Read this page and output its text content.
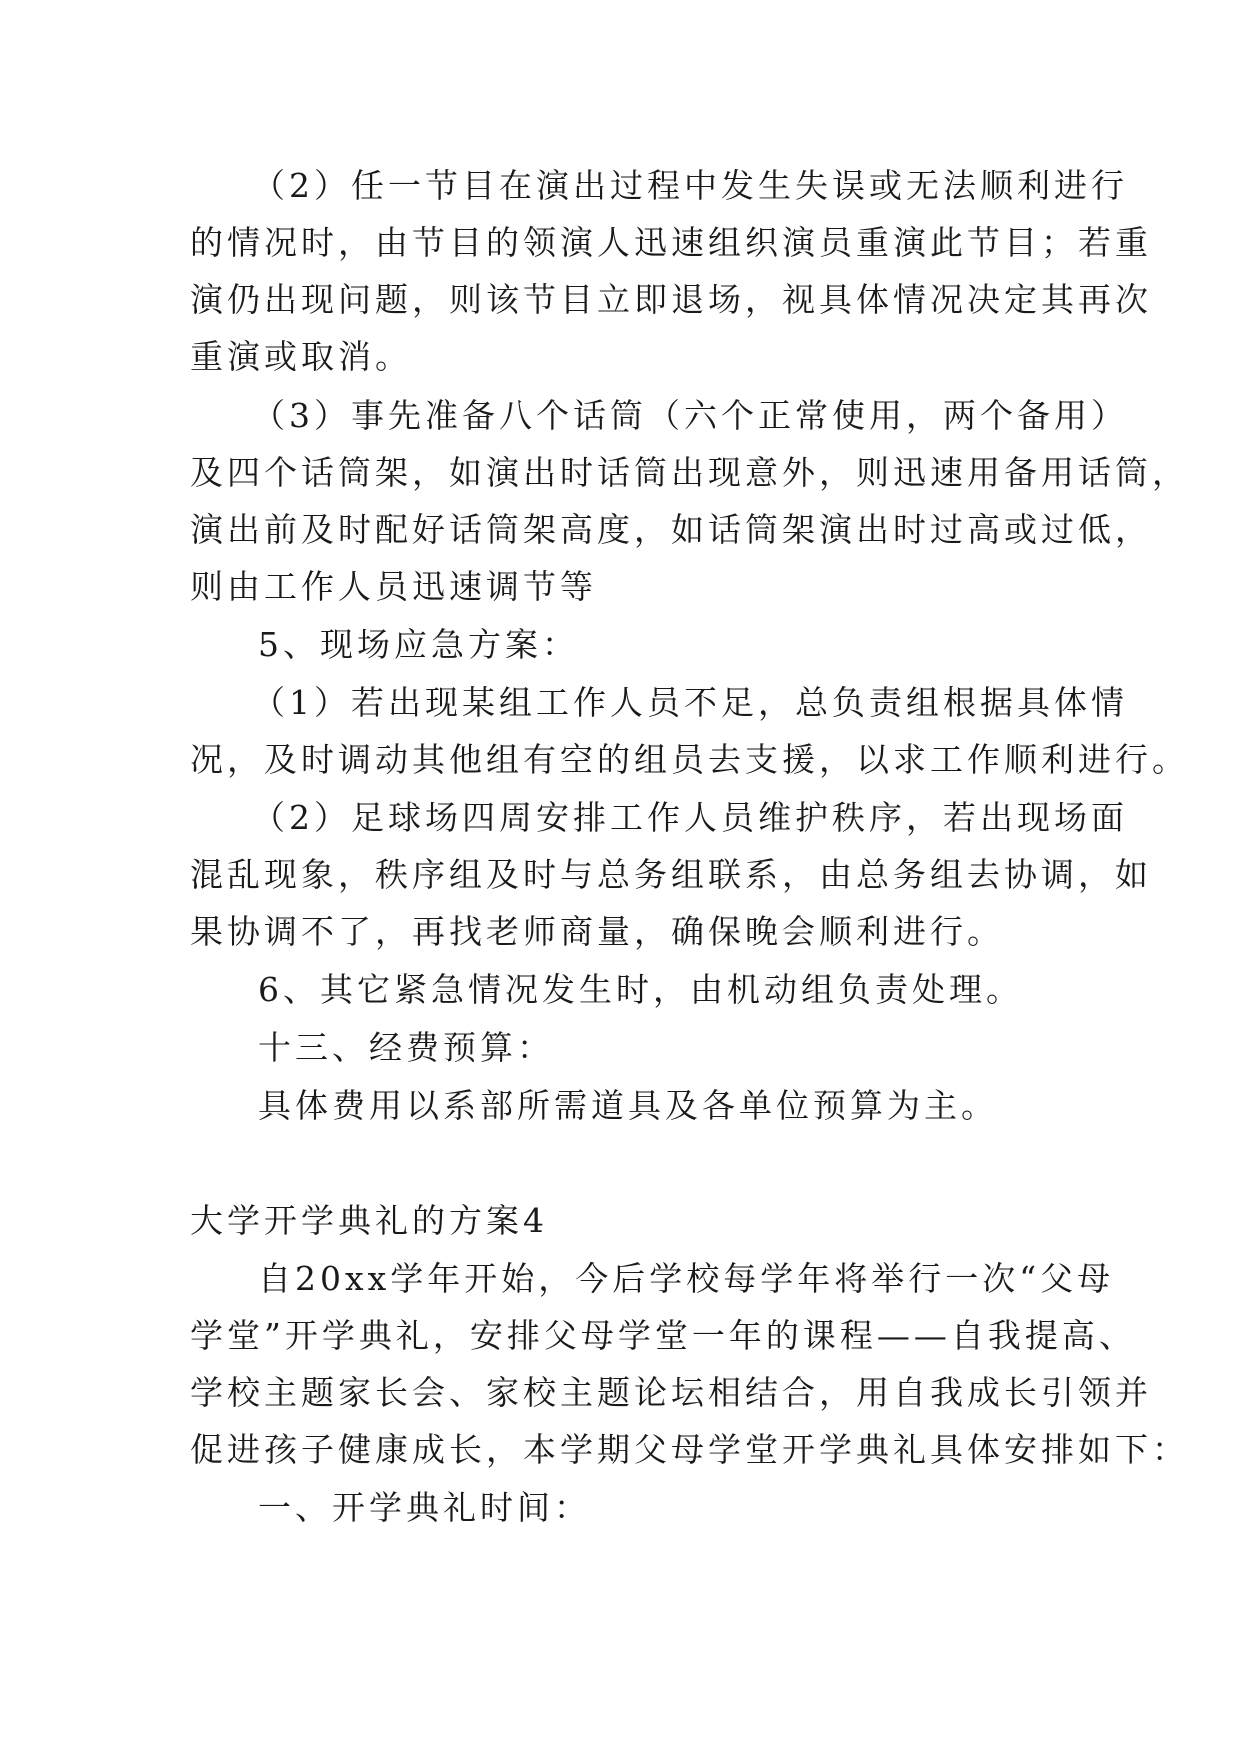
（2）任一节目在演出过程中发生失误或无法顺利进行
的情况时，由节目的领演人迅速组织演员重演此节目；若重
演仍出现问题，则该节目立即退场，视具体情况决定其再次
重演或取消。
（3）事先准备八个话筒（六个正常使用，两个备用）
及四个话筒架，如演出时话筒出现意外，则迅速用备用话筒，
演出前及时配好话筒架高度，如话筒架演出时过高或过低，
则由工作人员迅速调节等
5、现场应急方案：
（1）若出现某组工作人员不足，总负责组根据具体情
况，及时调动其他组有空的组员去支援，以求工作顺利进行。
（2）足球场四周安排工作人员维护秩序，若出现场面
混乱现象，秩序组及时与总务组联系，由总务组去协调，如
果协调不了，再找老师商量，确保晚会顺利进行。
6、其它紧急情况发生时，由机动组负责处理。
十三、经费预算：
具体费用以系部所需道具及各单位预算为主。
大学开学典礼的方案4
自20xx学年开始，今后学校每学年将举行一次“父母
学堂”开学典礼，安排父母学堂一年的课程——自我提高、
学校主题家长会、家校主题论坛相结合，用自我成长引领并
促进孩子健康成长，本学期父母学堂开学典礼具体安排如下：
一、开学典礼时间：
